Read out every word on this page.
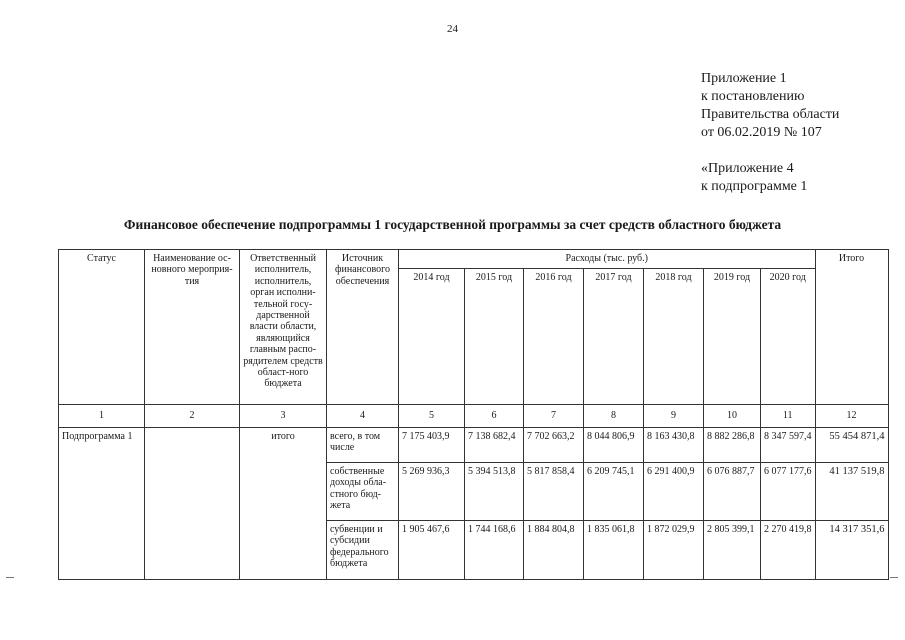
24
Приложение 1
к постановлению
Правительства области
от 06.02.2019 № 107
«Приложение 4
к подпрограмме 1
Финансовое обеспечение подпрограммы 1 государственной программы за счет средств областного бюджета
Статус	Наименование ос-новного мероприя-тия	Ответственный исполнитель, исполнитель, орган исполни-тельной госу-дарственной власти области, являющийся главным распо-рядителем средств област-ного бюджета	Источник финансового обеспечения	Расходы (тыс. руб.)							Итого
				2014 год	2015 год	2016 год	2017 год	2018 год	2019 год	2020 год	
1	2	3	4	5	6	7	8	9	10	11	12
Подпрограмма 1		итого	всего, в том числе	7 175 403,9	7 138 682,4	7 702 663,2	8 044 806,9	8 163 430,8	8 882 286,8	8 347 597,4	55 454 871,4
			собственные доходы обла-стного бюд-жета	5 269 936,3	5 394 513,8	5 817 858,4	6 209 745,1	6 291 400,9	6 076 887,7	6 077 177,6	41 137 519,8
			субвенции и субсидии федерального бюджета	1 905 467,6	1 744 168,6	1 884 804,8	1 835 061,8	1 872 029,9	2 805 399,1	2 270 419,8	14 317 351,6
